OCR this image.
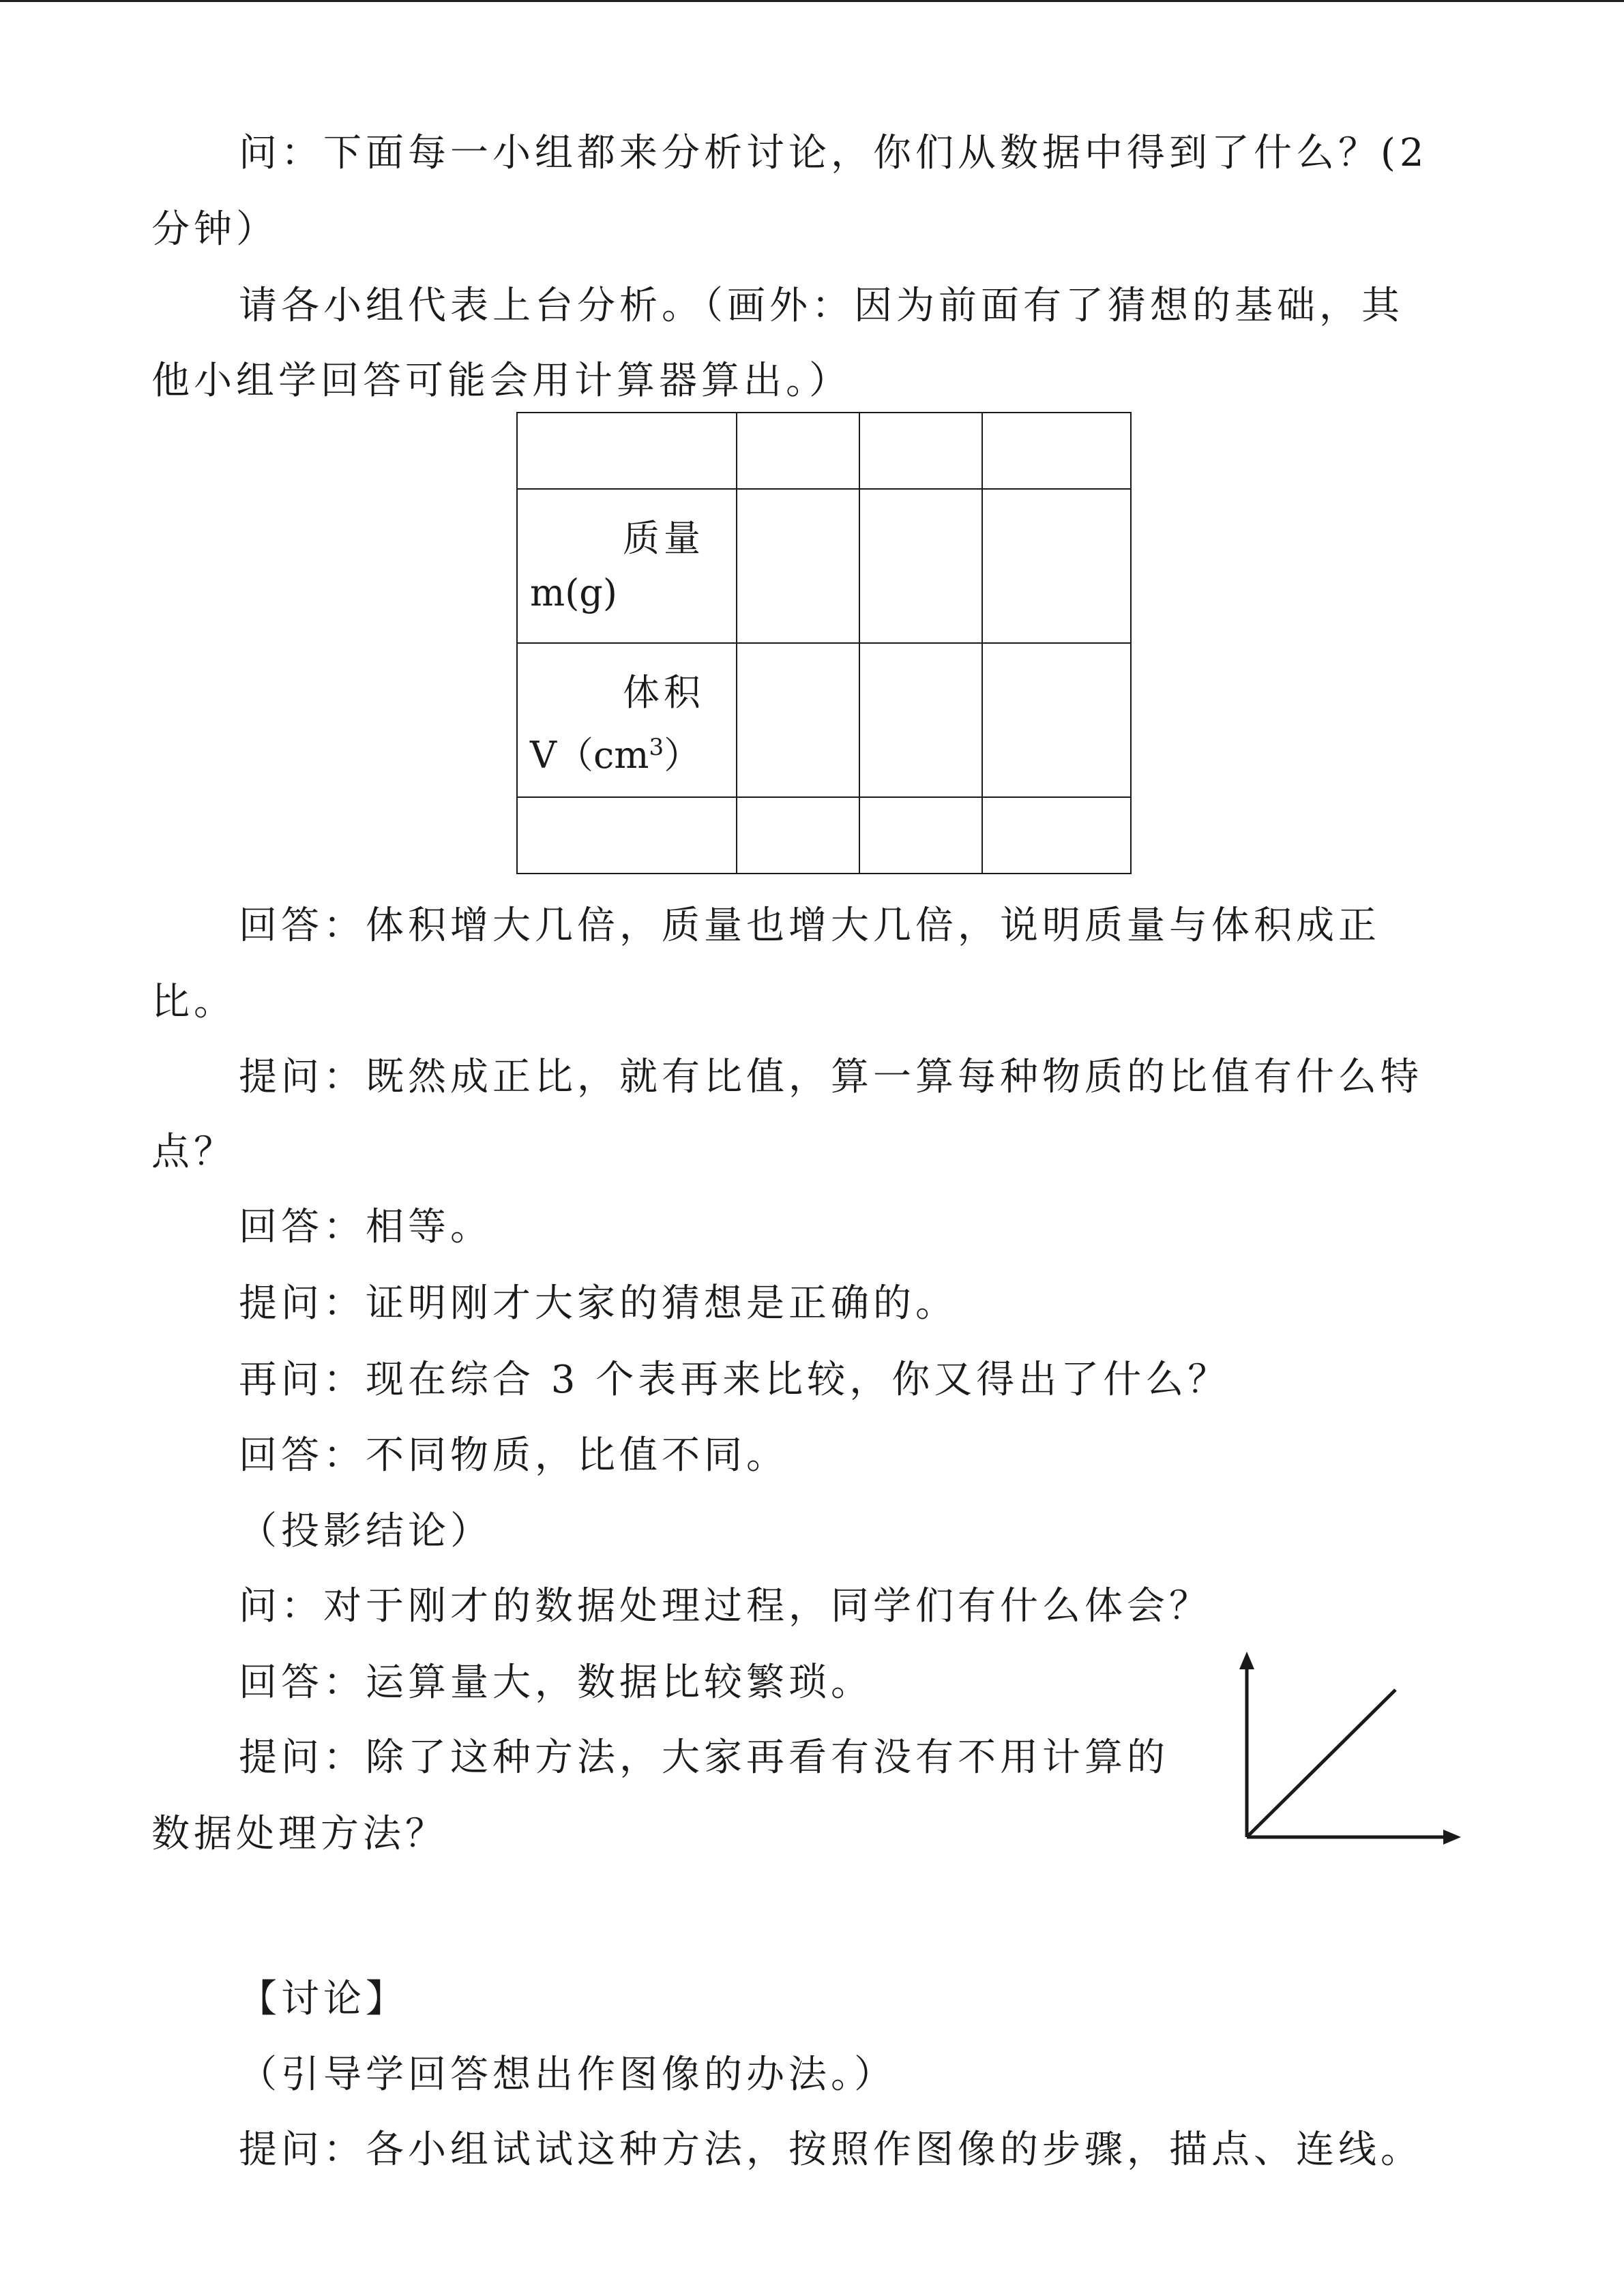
问：下面每一小组都来分析讨论，你们从数据中得到了什么？(2
分钟）
请各小组代表上台分析。（画外：因为前面有了猜想的基础，其
他小组学回答可能会用计算器算出。）

质量
m(g)			

体积
$V(cm^3)$			

回答：体积增大几倍，质量也增大几倍，说明质量与体积成正
比。
提问：既然成正比，就有比值，算一算每种物质的比值有什么特
点？
回答：相等。
提问：证明刚才大家的猜想是正确的。
再问：现在综合 3 个表再来比较，你又得出了什么？
回答：不同物质，比值不同。
（投影结论）
问：对于刚才的数据处理过程，同学们有什么体会？
回答：运算量大，数据比较繁琐。
提问：除了这种方法，大家再看有没有不用计算的
数据处理方法？
【讨论】
（引导学回答想出作图像的办法。）
提问：各小组试试这种方法，按照作图像的步骤，描点、连线。
